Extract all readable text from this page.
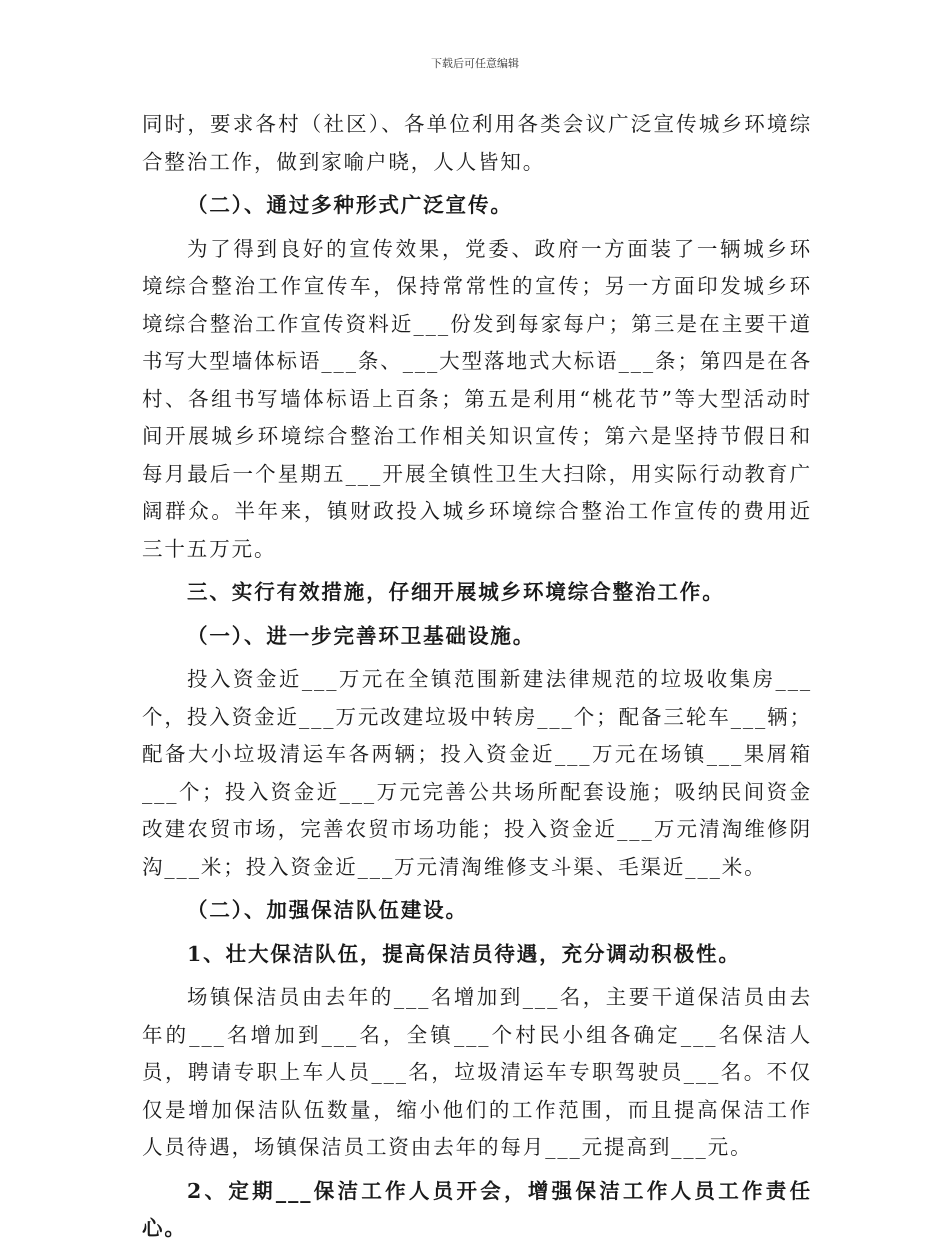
下载后可任意编辑

同时，要求各村（社区）、各单位利用各类会议广泛宣传城乡环境综合整治工作，做到家喻户晓，人人皆知。

（二）、通过多种形式广泛宣传。

为了得到良好的宣传效果，党委、政府一方面装了一辆城乡环境综合整治工作宣传车，保持常常性的宣传；另一方面印发城乡环境综合整治工作宣传资料近___份发到每家每户；第三是在主要干道书写大型墙体标语___条、___大型落地式大标语___条；第四是在各村、各组书写墙体标语上百条；第五是利用“桃花节”等大型活动时间开展城乡环境综合整治工作相关知识宣传；第六是坚持节假日和每月最后一个星期五___开展全镇性卫生大扫除，用实际行动教育广阔群众。半年来，镇财政投入城乡环境综合整治工作宣传的费用近三十五万元。

三、实行有效措施，仔细开展城乡环境综合整治工作。

（一）、进一步完善环卫基础设施。

投入资金近___万元在全镇范围新建法律规范的垃圾收集房___个，投入资金近___万元改建垃圾中转房___个；配备三轮车___辆；配备大小垃圾清运车各两辆；投入资金近___万元在场镇___果屑箱___个；投入资金近___万元完善公共场所配套设施；吸纳民间资金改建农贸市场，完善农贸市场功能；投入资金近___万元清淘维修阴沟___米；投入资金近___万元清淘维修支斗渠、毛渠近___米。

（二）、加强保洁队伍建设。

1、壮大保洁队伍，提高保洁员待遇，充分调动积极性。

场镇保洁员由去年的___名增加到___名，主要干道保洁员由去年的___名增加到___名，全镇___个村民小组各确定___名保洁人员，聘请专职上车人员___名，垃圾清运车专职驾驶员___名。不仅仅是增加保洁队伍数量，缩小他们的工作范围，而且提高保洁工作人员待遇，场镇保洁员工资由去年的每月___元提高到___元。

2、定期___保洁工作人员开会，增强保洁工作人员工作责任心。
